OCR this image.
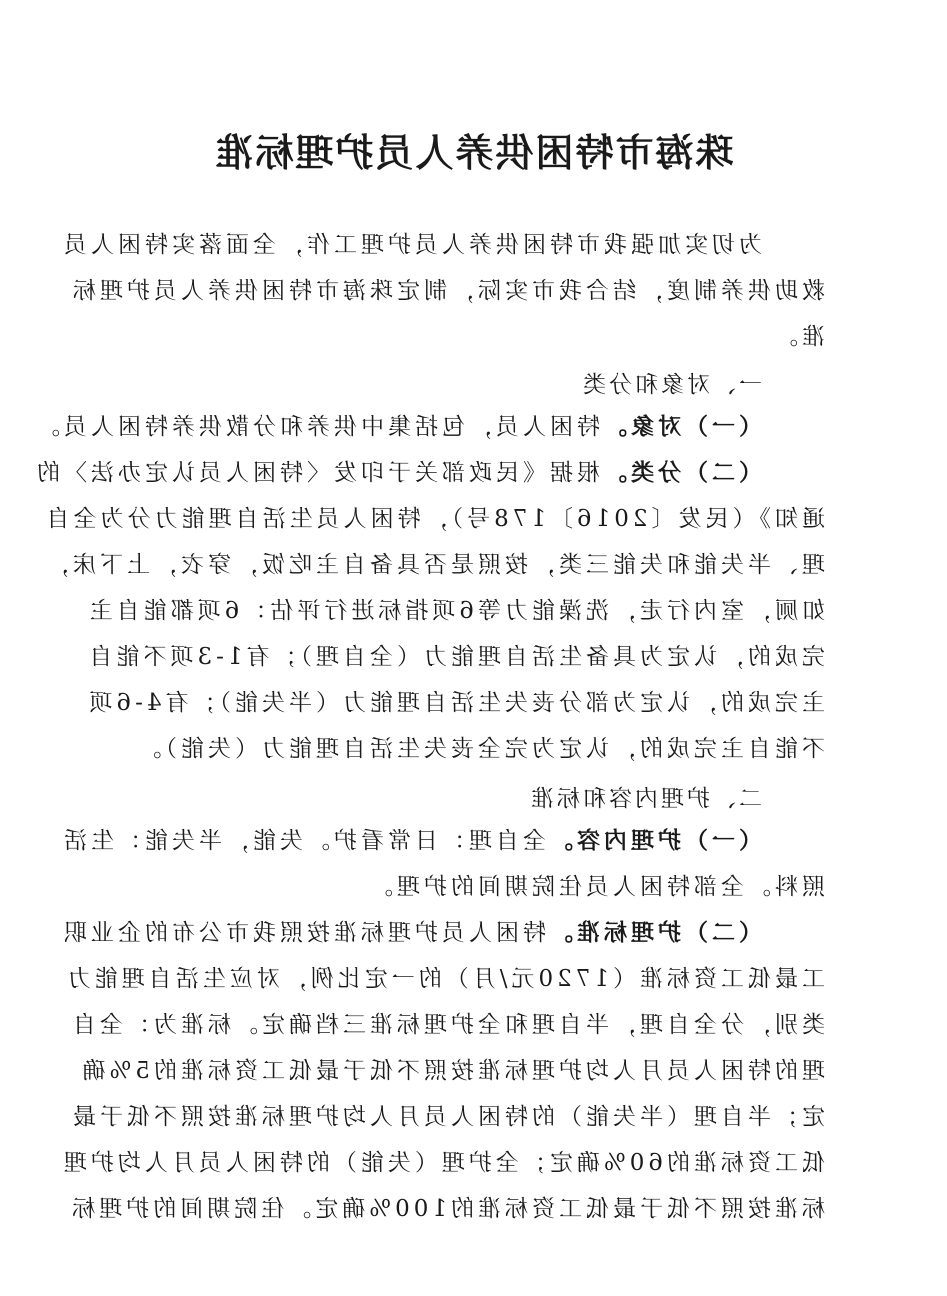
珠海市特困供养人员护理标准
为切实加强我市特困供养人员护理工作，全面落实特困人员
救助供养制度，结合我市实际，制定珠海市特困供养人员护理标
准。
一、对象和分类
（一）对象。特困人员，包括集中供养和分散供养特困人员。
（二）分类。根据《民政部关于印发〈特困人员认定办法〉的
通知》（民发〔2016〕178号），特困人员生活自理能力分为全自
理、半失能和失能三类，按照是否具备自主吃饭，穿衣，上下床，
如厕，室内行走，洗澡能力等6项指标进行评估：6项都能自主
完成的，认定为具备生活自理能力（全自理）；有1-3项不能自
主完成的，认定为部分丧失生活自理能力（半失能）；有4-6项
不能自主完成的，认定为完全丧失生活自理能力（失能）。
二、护理内容和标准
（一）护理内容。全自理：日常看护。失能，半失能：生活
照料。全部特困人员住院期间的护理。
（二）护理标准。特困人员护理标准按照我市公布的企业职
工最低工资标准（1720元/月）的一定比例，对应生活自理能力
类别，分全自理，半自理和全护理标准三档确定。标准为：全自
理的特困人员月人均护理标准按照不低于最低工资标准的5%确
定；半自理（半失能）的特困人员月人均护理标准按照不低于最
低工资标准的60%确定；全护理（失能）的特困人员月人均护理
标准按照不低于最低工资标准的100%确定。住院期间的护理标
